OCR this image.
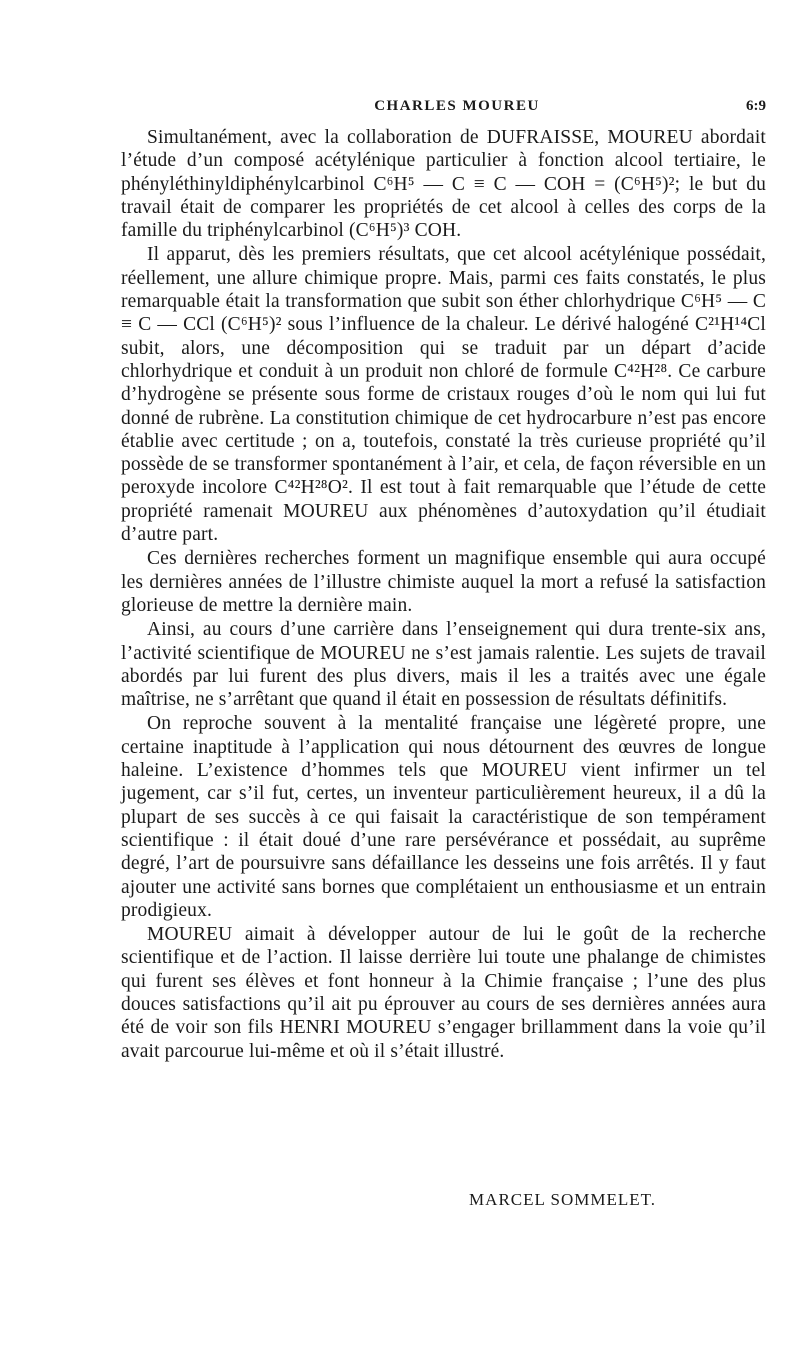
CHARLES MOUREU	6:9

Simultanément, avec la collaboration de DUFRAISSE, MOUREU abordait l’étude d’un composé acétylénique particulier à fonction alcool tertiaire, le phényléthinyldiphénylcarbinol C⁶H⁵ — C ≡ C — COH = (C⁶H⁵)²; le but du travail était de comparer les propriétés de cet alcool à celles des corps de la famille du triphénylcarbinol (C⁶H⁵)³ COH.

Il apparut, dès les premiers résultats, que cet alcool acétylénique possédait, réellement, une allure chimique propre. Mais, parmi ces faits constatés, le plus remarquable était la transformation que subit son éther chlorhydrique C⁶H⁵ — C ≡ C — CCl (C⁶H⁵)² sous l’influence de la chaleur. Le dérivé halogéné C²¹H¹⁴Cl subit, alors, une décomposition qui se traduit par un départ d’acide chlorhydrique et conduit à un produit non chloré de formule C⁴²H²⁸. Ce carbure d’hydrogène se présente sous forme de cristaux rouges d’où le nom qui lui fut donné de rubrène. La constitution chimique de cet hydrocarbure n’est pas encore établie avec certitude ; on a, toutefois, constaté la très curieuse propriété qu’il possède de se transformer spontanément à l’air, et cela, de façon réversible en un peroxyde incolore C⁴²H²⁸O². Il est tout à fait remarquable que l’étude de cette propriété ramenait MOUREU aux phénomènes d’autoxydation qu’il étudiait d’autre part.

Ces dernières recherches forment un magnifique ensemble qui aura occupé les dernières années de l’illustre chimiste auquel la mort a refusé la satisfaction glorieuse de mettre la dernière main.

Ainsi, au cours d’une carrière dans l’enseignement qui dura trente-six ans, l’activité scientifique de MOUREU ne s’est jamais ralentie. Les sujets de travail abordés par lui furent des plus divers, mais il les a traités avec une égale maîtrise, ne s’arrêtant que quand il était en possession de résultats définitifs.

On reproche souvent à la mentalité française une légèreté propre, une certaine inaptitude à l’application qui nous détournent des œuvres de longue haleine. L’existence d’hommes tels que MOUREU vient infirmer un tel jugement, car s’il fut, certes, un inventeur particulièrement heureux, il a dû la plupart de ses succès à ce qui faisait la caractéristique de son tempérament scientifique : il était doué d’une rare persévérance et possédait, au suprême degré, l’art de poursuivre sans défaillance les desseins une fois arrêtés. Il y faut ajouter une activité sans bornes que complétaient un enthousiasme et un entrain prodigieux.

MOUREU aimait à développer autour de lui le goût de la recherche scientifique et de l’action. Il laisse derrière lui toute une phalange de chimistes qui furent ses élèves et font honneur à la Chimie française ; l’une des plus douces satisfactions qu’il ait pu éprouver au cours de ses dernières années aura été de voir son fils HENRI MOUREU s’engager brillamment dans la voie qu’il avait parcourue lui-même et où il s’était illustré.

MARCEL SOMMELET.
